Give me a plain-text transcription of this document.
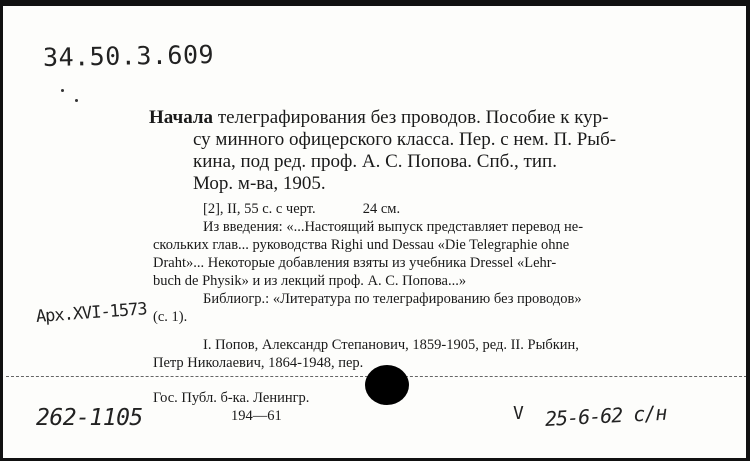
34.50.3.609
Начала телеграфирования без проводов. Пособие к кур-
су минного офицерского класса. Пер. с нем. П. Рыб-
кина, под ред. проф. А. С. Попова. Спб., тип.
Мор. м-ва, 1905.
[2], II, 55 с. с черт.             24 см.
Из введения: «...Настоящий выпуск представляет перевод не-
скольких глав... руководства Righi und Dessau «Die Telegraphie ohne
Draht»... Некоторые добавления взяты из учебника Dressel «Lehr-
buch de Physik» и из лекций проф. А. С. Попова...»
Библиогр.: «Литература по телеграфированию без проводов»
(с. 1).
Арх.XVI-1573
I. Попов, Александр Степанович, 1859-1905, ред. II. Рыбкин,
Петр Николаевич, 1864-1948, пер.
Гос. Публ. б-ка. Ленингр.
194—61
262-1105	V 25-6-62 с/н
